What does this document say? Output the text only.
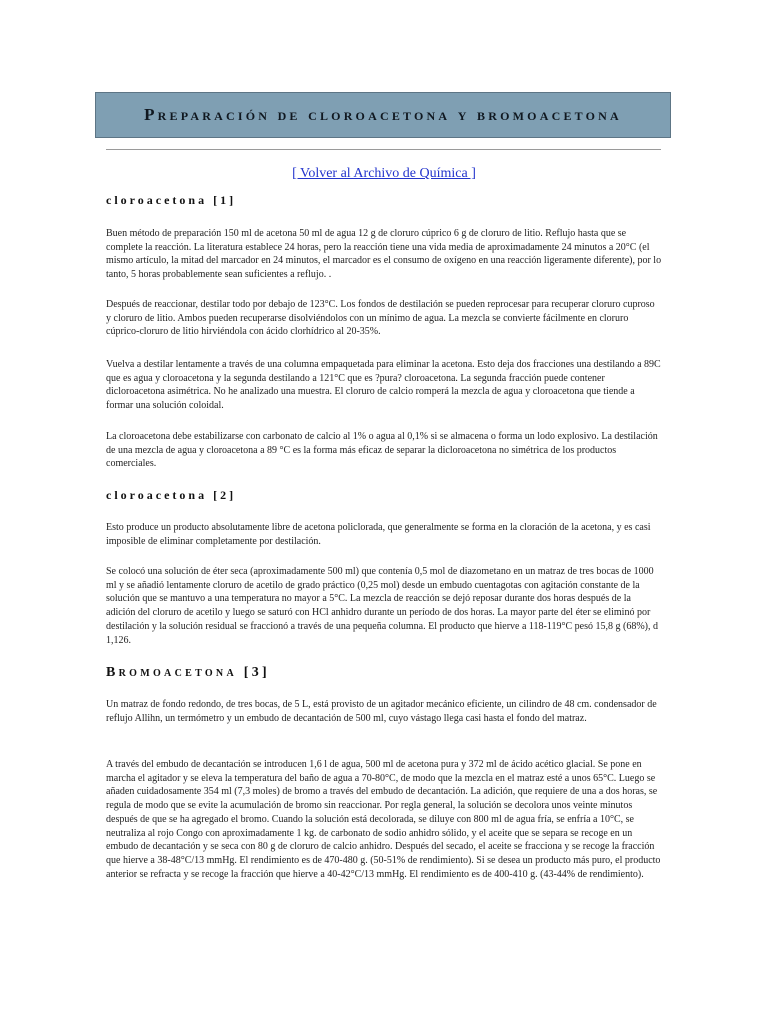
Preparación de cloroacetona y bromoacetona
[ Volver al Archivo de Química ]
cloroacetona [1]

Buen método de preparación 150 ml de acetona 50 ml de agua 12 g de cloruro cúprico 6 g de cloruro de litio. Reflujo hasta que se complete la reacción. La literatura establece 24 horas, pero la reacción tiene una vida media de aproximadamente 24 minutos a 20°C (el mismo artículo, la mitad del marcador en 24 minutos, el marcador es el consumo de oxígeno en una reacción ligeramente diferente), por lo tanto, 5 horas probablemente sean suficientes a reflujo. .

Después de reaccionar, destilar todo por debajo de 123°C. Los fondos de destilación se pueden reprocesar para recuperar cloruro cuproso y cloruro de litio. Ambos pueden recuperarse disolviéndolos con un mínimo de agua. La mezcla se convierte fácilmente en cloruro cúprico-cloruro de litio hirviéndola con ácido clorhídrico al 20-35%.

Vuelva a destilar lentamente a través de una columna empaquetada para eliminar la acetona. Esto deja dos fracciones una destilando a 89C que es agua y cloroacetona y la segunda destilando a 121°C que es ?pura? cloroacetona. La segunda fracción puede contener dicloroacetona asimétrica. No he analizado una muestra. El cloruro de calcio romperá la mezcla de agua y cloroacetona que tiende a formar una solución coloidal.

La cloroacetona debe estabilizarse con carbonato de calcio al 1% o agua al 0,1% si se almacena o forma un lodo explosivo. La destilación de una mezcla de agua y cloroacetona a 89 °C es la forma más eficaz de separar la dicloroacetona no simétrica de los productos comerciales.

cloroacetona [2]

Esto produce un producto absolutamente libre de acetona policlorada, que generalmente se forma en la cloración de la acetona, y es casi imposible de eliminar completamente por destilación.

Se colocó una solución de éter seca (aproximadamente 500 ml) que contenía 0,5 mol de diazometano en un matraz de tres bocas de 1000 ml y se añadió lentamente cloruro de acetilo de grado práctico (0,25 mol) desde un embudo cuentagotas con agitación constante de la solución que se mantuvo a una temperatura no mayor a 5°C. La mezcla de reacción se dejó reposar durante dos horas después de la adición del cloruro de acetilo y luego se saturó con HCl anhidro durante un período de dos horas. La mayor parte del éter se eliminó por destilación y la solución residual se fraccionó a través de una pequeña columna. El producto que hierve a 118-119°C pesó 15,8 g (68%), d 1,126.

Bromoacetona [3]

Un matraz de fondo redondo, de tres bocas, de 5 L, está provisto de un agitador mecánico eficiente, un cilindro de 48 cm. condensador de reflujo Allihn, un termómetro y un embudo de decantación de 500 ml, cuyo vástago llega casi hasta el fondo del matraz.

A través del embudo de decantación se introducen 1,6 l de agua, 500 ml de acetona pura y 372 ml de ácido acético glacial. Se pone en marcha el agitador y se eleva la temperatura del baño de agua a 70-80°C, de modo que la mezcla en el matraz esté a unos 65°C. Luego se añaden cuidadosamente 354 ml (7,3 moles) de bromo a través del embudo de decantación. La adición, que requiere de una a dos horas, se regula de modo que se evite la acumulación de bromo sin reaccionar. Por regla general, la solución se decolora unos veinte minutos después de que se ha agregado el bromo. Cuando la solución está decolorada, se diluye con 800 ml de agua fría, se enfría a 10°C, se neutraliza al rojo Congo con aproximadamente 1 kg. de carbonato de sodio anhidro sólido, y el aceite que se separa se recoge en un embudo de decantación y se seca con 80 g de cloruro de calcio anhidro. Después del secado, el aceite se fracciona y se recoge la fracción que hierve a 38-48°C/13 mmHg. El rendimiento es de 470-480 g. (50-51% de rendimiento). Si se desea un producto más puro, el producto anterior se refracta y se recoge la fracción que hierve a 40-42°C/13 mmHg. El rendimiento es de 400-410 g. (43-44% de rendimiento).
